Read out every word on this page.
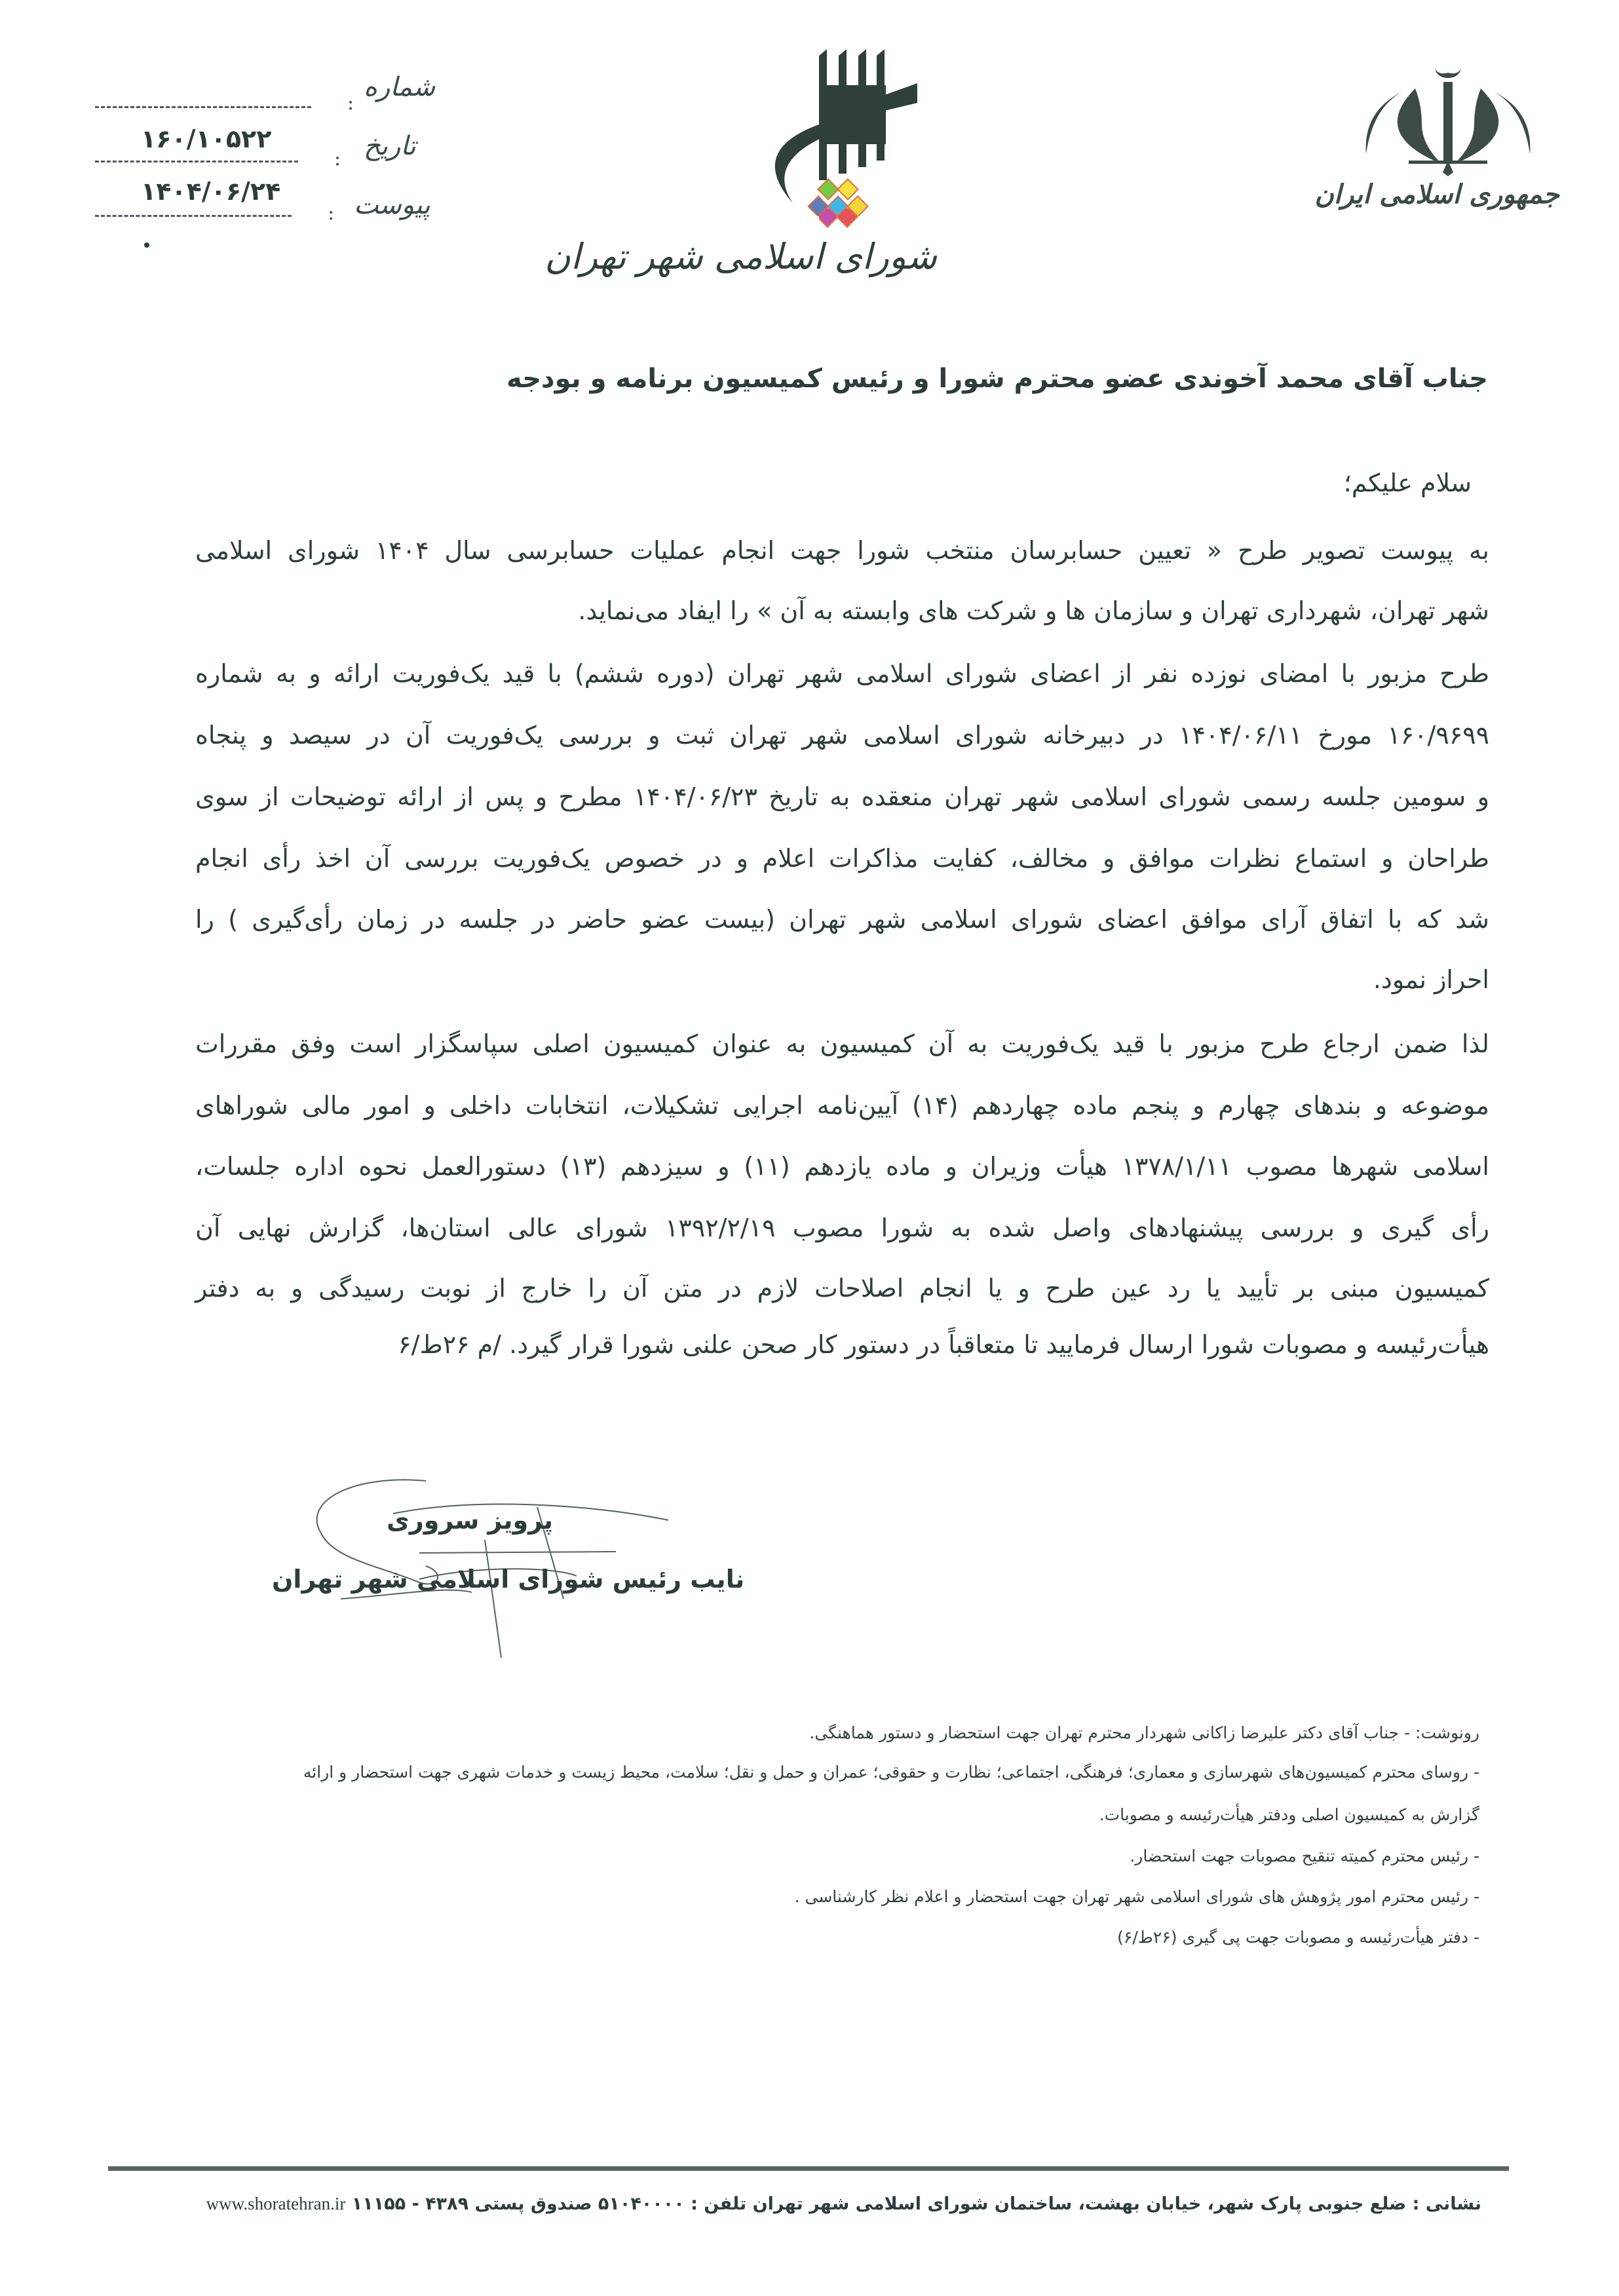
جمهوری اسلامی ایران
شورای اسلامی شهر تهران
شماره
:
۱۶۰/۱۰۵۲۲	تاریخ
:
۱۴۰۴/۰۶/۲۴	پیوست
:
جناب آقای محمد آخوندی عضو محترم شورا و رئیس کمیسیون برنامه و بودجه
سلام علیکم؛
به پیوست تصویر طرح « تعیین حسابرسان منتخب شورا جهت انجام عملیات حسابرسی سال ۱۴۰۴ شورای اسلامی
شهر تهران، شهرداری تهران و سازمان ها و شرکت های وابسته به آن » را ایفاد می‌نماید.
طرح مزبور با امضای نوزده نفر از اعضای شورای اسلامی شهر تهران (دوره ششم) با قید یک‌فوریت ارائه و به شماره
۱۶۰/۹۶۹۹ مورخ ۱۴۰۴/۰۶/۱۱ در دبیرخانه شورای اسلامی شهر تهران ثبت و بررسی یک‌فوریت آن در سیصد و پنجاه
و سومین جلسه رسمی شورای اسلامی شهر تهران منعقده به تاریخ ۱۴۰۴/۰۶/۲۳ مطرح و پس از ارائه توضیحات از سوی
طراحان و استماع نظرات موافق و مخالف، کفایت مذاکرات اعلام و در خصوص یک‌فوریت بررسی آن اخذ رأی انجام
شد که با اتفاق آرای موافق اعضای شورای اسلامی شهر تهران (بیست عضو حاضر در جلسه در زمان رأی‌گیری ) را
احراز نمود.
لذا ضمن ارجاع طرح مزبور با قید یک‌فوریت به آن کمیسیون به عنوان کمیسیون اصلی سپاسگزار است وفق مقررات
موضوعه و بندهای چهارم و پنجم ماده چهاردهم (۱۴) آیین‌نامه اجرایی تشکیلات، انتخابات داخلی و امور مالی شوراهای
اسلامی شهرها مصوب ۱۳۷۸/۱/۱۱ هیأت وزیران و ماده یازدهم (۱۱) و سیزدهم (۱۳) دستورالعمل نحوه اداره جلسات،
رأی گیری و بررسی پیشنهادهای واصل شده به شورا مصوب ۱۳۹۲/۲/۱۹ شورای عالی استان‌ها، گزارش نهایی آن
کمیسیون مبنی بر تأیید یا رد عین طرح و یا انجام اصلاحات لازم در متن آن را خارج از نوبت رسیدگی و به دفتر
هیأت‌رئیسه و مصوبات شورا ارسال فرمایید تا متعاقباً در دستور کار صحن علنی شورا قرار گیرد. /م ۲۶ط/۶
پرویز سروری
نایب رئیس شورای اسلامی شهر تهران
رونوشت: - جناب آقای دکتر علیرضا زاکانی شهردار محترم تهران جهت استحضار و دستور هماهنگی.
- روسای محترم کمیسیون‌های شهرسازی و معماری؛ فرهنگی، اجتماعی؛ نظارت و حقوقی؛ عمران و حمل و نقل؛ سلامت، محیط زیست و خدمات شهری جهت استحضار و ارائه
گزارش به کمیسیون اصلی ودفتر هیأت‌رئیسه و مصوبات.
- رئیس محترم کمیته تنقیح مصوبات جهت استحضار.
- رئیس محترم امور پژوهش های شورای اسلامی شهر تهران جهت استحضار و اعلام نظر کارشناسی .
- دفتر هیأت‌رئیسه و مصوبات جهت پی گیری (۲۶ط/۶)
نشانی : ضلع جنوبی پارک شهر، خیابان بهشت، ساختمان شورای اسلامی شهر تهران تلفن : ۵۱۰۴۰۰۰۰ صندوق پستی ۴۳۸۹ - ۱۱۱۵۵ www.shoratehran.ir
